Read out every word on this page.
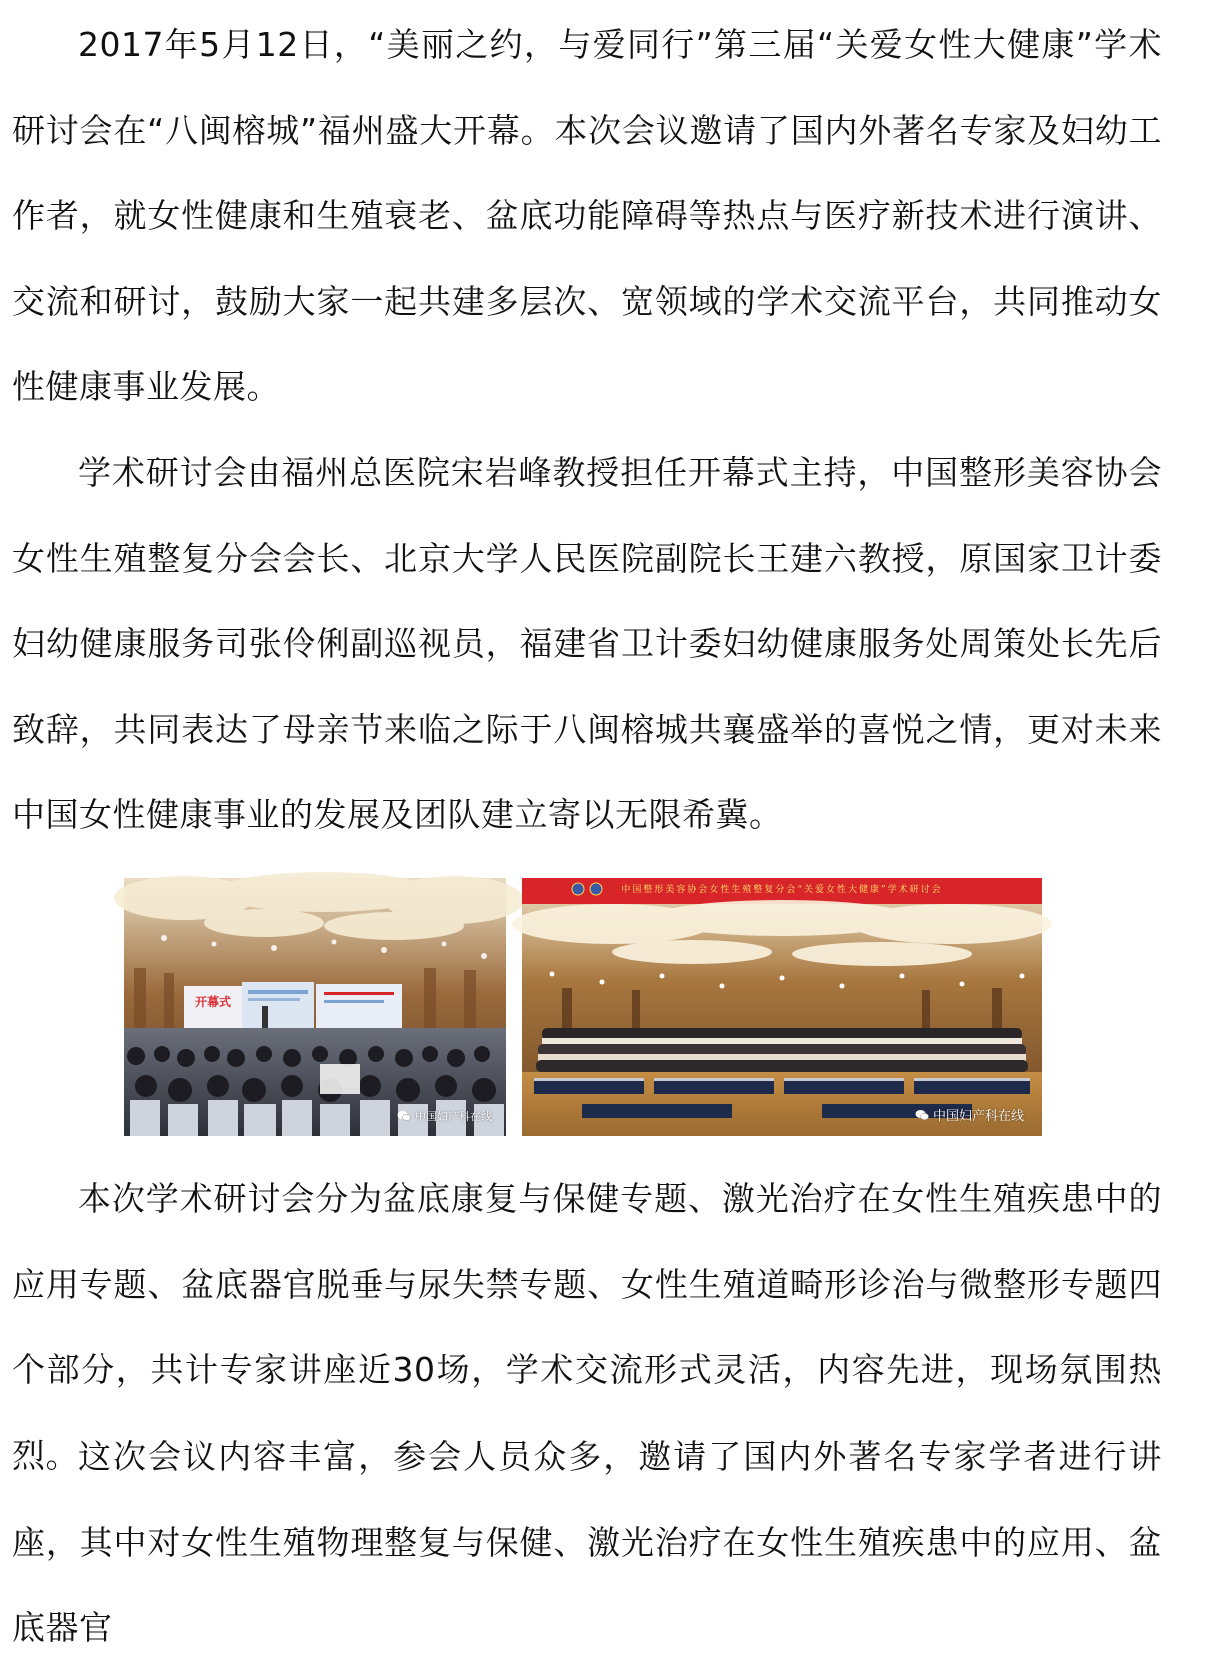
2017年5月12日，“美丽之约，与爱同行”第三届“关爱女性大健康”学术研讨会在“八闽榕城”福州盛大开幕。本次会议邀请了国内外著名专家及妇幼工作者，就女性健康和生殖衰老、盆底功能障碍等热点与医疗新技术进行演讲、交流和研讨，鼓励大家一起共建多层次、宽领域的学术交流平台，共同推动女性健康事业发展。

学术研讨会由福州总医院宋岩峰教授担任开幕式主持，中国整形美容协会女性生殖整复分会会长、北京大学人民医院副院长王建六教授，原国家卫计委妇幼健康服务司张伶俐副巡视员，福建省卫计委妇幼健康服务处周策处长先后致辞，共同表达了母亲节来临之际于八闽榕城共襄盛举的喜悦之情，更对未来中国女性健康事业的发展及团队建立寄以无限希冀。

开幕式
中国妇产科在线
中国整形美容协会女性生殖整复分会“关爱女性大健康”学术研讨会
中国妇产科在线

本次学术研讨会分为盆底康复与保健专题、激光治疗在女性生殖疾患中的应用专题、盆底器官脱垂与尿失禁专题、女性生殖道畸形诊治与微整形专题四个部分，共计专家讲座近30场，学术交流形式灵活，内容先进，现场氛围热烈。 这次会议内容丰富，参会人员众多，邀请了国内外著名专家学者进行讲座，其中对女性生殖物理整复与保健、激光治疗在女性生殖疾患中的应用、盆底器官
